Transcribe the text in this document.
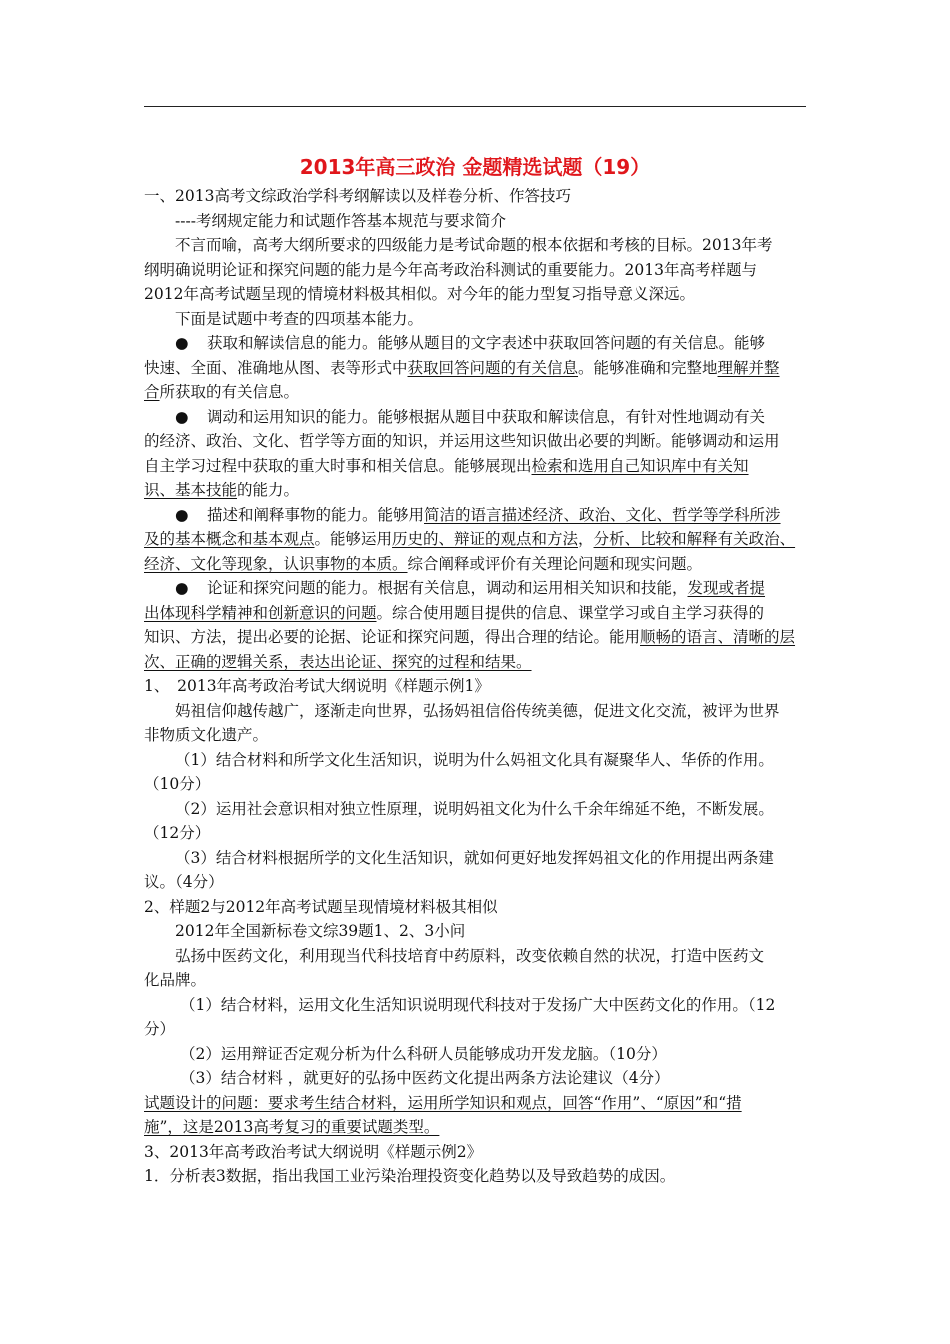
2013年高三政治 金题精选试题（19）

一、2013高考文综政治学科考纲解读以及样卷分析、作答技巧

----考纲规定能力和试题作答基本规范与要求简介

不言而喻，高考大纲所要求的四级能力是考试命题的根本依据和考核的目标。2013年考

纲明确说明论证和探究问题的能力是今年高考政治科测试的重要能力。2013年高考样题与

2012年高考试题呈现的情境材料极其相似。对今年的能力型复习指导意义深远。

下面是试题中考查的四项基本能力。

● 获取和解读信息的能力。能够从题目的文字表述中获取回答问题的有关信息。能够

快速、全面、准确地从图、表等形式中获取回答问题的有关信息。能够准确和完整地理解并整

合所获取的有关信息。

● 调动和运用知识的能力。能够根据从题目中获取和解读信息，有针对性地调动有关

的经济、政治、文化、哲学等方面的知识，并运用这些知识做出必要的判断。能够调动和运用

自主学习过程中获取的重大时事和相关信息。能够展现出检索和选用自己知识库中有关知

识、基本技能的能力。

● 描述和阐释事物的能力。能够用简洁的语言描述经济、政治、文化、哲学等学科所涉

及的基本概念和基本观点。能够运用历史的、辩证的观点和方法，分析、比较和解释有关政治、

经济、文化等现象，认识事物的本质。综合阐释或评价有关理论问题和现实问题。

● 论证和探究问题的能力。根据有关信息，调动和运用相关知识和技能，发现或者提

出体现科学精神和创新意识的问题。综合使用题目提供的信息、课堂学习或自主学习获得的

知识、方法，提出必要的论据、论证和探究问题，得出合理的结论。能用顺畅的语言、清晰的层

次、正确的逻辑关系，表达出论证、探究的过程和结果。

1、　2013年高考政治考试大纲说明《样题示例1》

妈祖信仰越传越广，逐渐走向世界，弘扬妈祖信俗传统美德，促进文化交流，被评为世界

非物质文化遗产。

（1）结合材料和所学文化生活知识，说明为什么妈祖文化具有凝聚华人、华侨的作用。

（10分）

（2）运用社会意识相对独立性原理，说明妈祖文化为什么千余年绵延不绝，不断发展。

（12分）

（3）结合材料根据所学的文化生活知识，就如何更好地发挥妈祖文化的作用提出两条建

议。（4分）

2、样题2与2012年高考试题呈现情境材料极其相似

2012年全国新标卷文综39题1、2、3小问

弘扬中医药文化，利用现当代科技培育中药原料，改变依赖自然的状况，打造中医药文

化品牌。

（1）结合材料，运用文化生活知识说明现代科技对于发扬广大中医药文化的作用。（12

分）

（2）运用辩证否定观分析为什么科研人员能够成功开发龙脑。（10分）

（3）结合材料 ，就更好的弘扬中医药文化提出两条方法论建议（4分）

试题设计的问题：要求考生结合材料，运用所学知识和观点，回答“作用”、“原因”和“措

施”，这是2013高考复习的重要试题类型。

3、2013年高考政治考试大纲说明《样题示例2》

1．分析表3数据，指出我国工业污染治理投资变化趋势以及导致趋势的成因。
